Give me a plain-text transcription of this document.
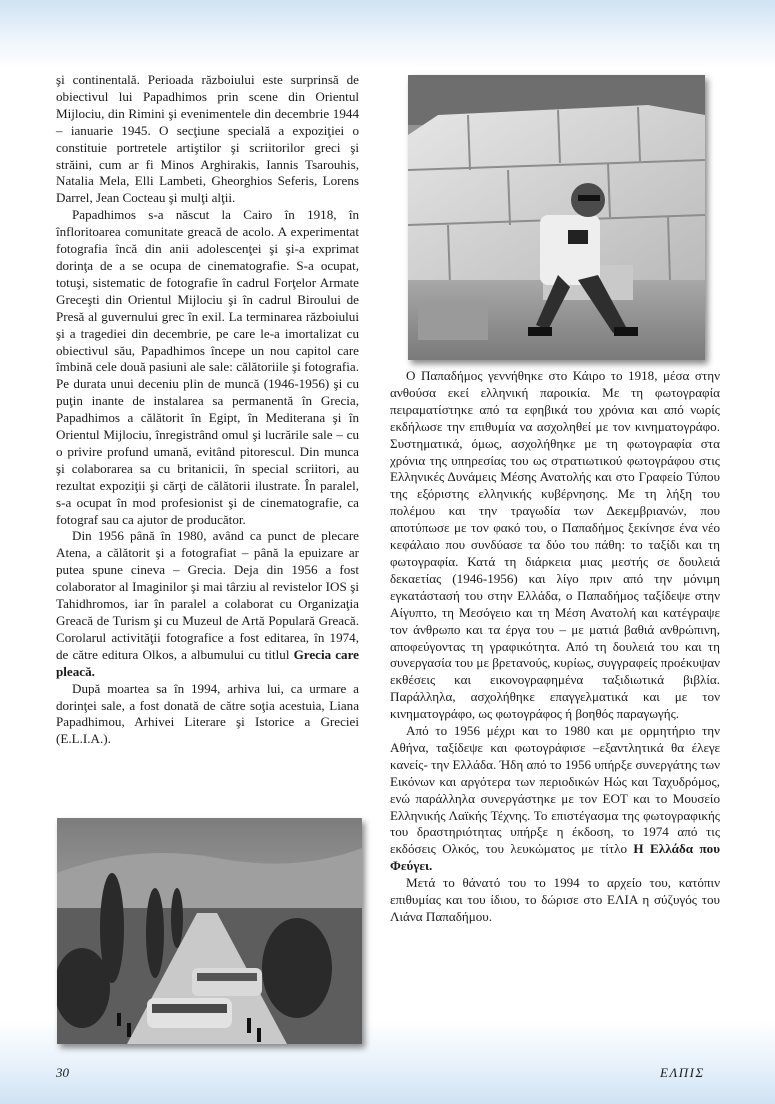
şi continentală. Perioada războiului este surprinsă de obiectivul lui Papadhimos prin scene din Orientul Mijlociu, din Rimini şi evenimentele din decembrie 1944 – ianuarie 1945. O secţiune specială a expoziţiei o constituie portretele artiştilor şi scriitorilor greci şi străini, cum ar fi Minos Arghirakis, Iannis Tsarouhis, Natalia Mela, Elli Lambeti, Gheorghios Seferis, Lorens Darrel, Jean Cocteau şi mulţi alţii.

Papadhimos s-a născut la Cairo în 1918, în înfloritoarea comunitate greacă de acolo. A experimentat fotografia încă din anii adolescenţei şi şi-a exprimat dorinţa de a se ocupa de cinematografie. S-a ocupat, totuşi, sistematic de fotografie în cadrul Forţelor Armate Greceşti din Orientul Mijlociu şi în cadrul Biroului de Presă al guvernului grec în exil. La terminarea războiului şi a tragediei din decembrie, pe care le-a imortalizat cu obiectivul său, Papadhimos începe un nou capitol care îmbină cele două pasiuni ale sale: călătoriile şi fotografia. Pe durata unui deceniu plin de muncă (1946-1956) şi cu puţin inante de instalarea sa permanentă în Grecia, Papadhimos a călătorit în Egipt, în Mediterana şi în Orientul Mijlociu, înregistrând omul şi lucrările sale – cu o privire profund umană, evitând pitorescul. Din munca şi colaborarea sa cu britanicii, în special scriitori, au rezultat expoziţii şi cărţi de călătorii ilustrate. În paralel, s-a ocupat în mod profesionist şi de cinematografie, ca fotograf sau ca ajutor de producător.

Din 1956 până în 1980, având ca punct de plecare Atena, a călătorit şi a fotografiat – până la epuizare ar putea spune cineva – Grecia. Deja din 1956 a fost colaborator al Imaginilor şi mai târziu al revistelor IOS şi Tahidhromos, iar în paralel a colaborat cu Organizaţia Greacă de Turism şi cu Muzeul de Artă Populară Greacă. Corolarul activităţii fotografice a fost editarea, în 1974, de către editura Olkos, a albumului cu titlul Grecia care pleacă.

După moartea sa în 1994, arhiva lui, ca urmare a dorinţei sale, a fost donată de către soţia acestuia, Liana Papadhimou, Arhivei Literare şi Istorice a Greciei (E.L.I.A.).

Ο Παπαδήμος γεννήθηκε στο Κάιρο το 1918, μέσα στην ανθούσα εκεί ελληνική παροικία. Με τη φωτογραφία πειραματίστηκε από τα εφηβικά του χρόνια και από νωρίς εκδήλωσε την επιθυμία να ασχοληθεί με τον κινηματογράφο. Συστηματικά, όμως, ασχολήθηκε με τη φωτογραφία στα χρόνια της υπηρεσίας του ως στρατιωτικού φωτογράφου στις Ελληνικές Δυνάμεις Μέσης Ανατολής και στο Γραφείο Τύπου της εξόριστης ελληνικής κυβέρνησης. Με τη λήξη του πολέμου και την τραγωδία των Δεκεμβριανών, που αποτύπωσε με τον φακό του, ο Παπαδήμος ξεκίνησε ένα νέο κεφάλαιο που συνδύασε τα δύο του πάθη: το ταξίδι και τη φωτογραφία. Κατά τη διάρκεια μιας μεστής σε δουλειά δεκαετίας (1946-1956) και λίγο πριν από την μόνιμη εγκατάστασή του στην Ελλάδα, ο Παπαδήμος ταξίδεψε στην Αίγυπτο, τη Μεσόγειο και τη Μέση Ανατολή και κατέγραψε τον άνθρωπο και τα έργα του – με ματιά βαθιά ανθρώπινη, αποφεύγοντας τη γραφικότητα. Από τη δουλειά του και τη συνεργασία του με βρετανούς, κυρίως, συγγραφείς προέκυψαν εκθέσεις και εικονογραφημένα ταξιδιωτικά βιβλία. Παράλληλα, ασχολήθηκε επαγγελματικά και με τον κινηματογράφο, ως φωτογράφος ή βοηθός παραγωγής.

Από το 1956 μέχρι και το 1980 και με ορμητήριο την Αθήνα, ταξίδεψε και φωτογράφισε –εξαντλητικά θα έλεγε κανείς- την Ελλάδα. Ήδη από το 1956 υπήρξε συνεργάτης των Εικόνων και αργότερα των περιοδικών Ηώς και Ταχυδρόμος, ενώ παράλληλα συνεργάστηκε με τον ΕΟΤ και το Μουσείο Ελληνικής Λαϊκής Τέχνης. Το επιστέγασμα της φωτογραφικής του δραστηριότητας υπήρξε η έκδοση, το 1974 από τις εκδόσεις Ολκός, του λευκώματος με τίτλο Η Ελλάδα που Φεύγει.

Μετά το θάνατό του το 1994 το αρχείο του, κατόπιν επιθυμίας και του ίδιου, το δώρισε στο ΕΛΙΑ η σύζυγός του Λιάνα Παπαδήμου.

30	ΕΛΠΙΣ
